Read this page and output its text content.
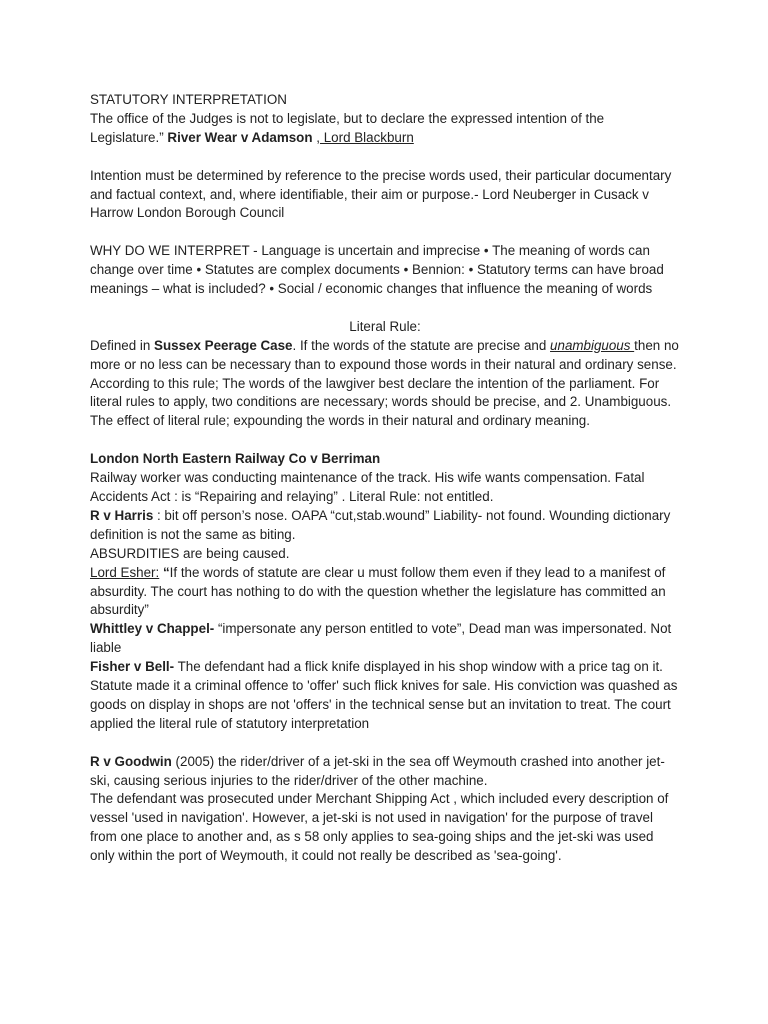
STATUTORY INTERPRETATION

The office of the Judges is not to legislate, but to declare the expressed intention of the Legislature.” River Wear v Adamson , Lord Blackburn

Intention must be determined by reference to the precise words used, their particular documentary and factual context, and, where identifiable, their aim or purpose.- Lord Neuberger in Cusack v Harrow London Borough Council

WHY DO WE INTERPRET - Language is uncertain and imprecise • The meaning of words can change over time • Statutes are complex documents • Bennion: • Statutory terms can have broad meanings – what is included? • Social / economic changes that influence the meaning of words

Literal Rule:

Defined in Sussex Peerage Case. If the words of the statute are precise and unambiguous then no more or no less can be necessary than to expound those words in their natural and ordinary sense. According to this rule; The words of the lawgiver best declare the intention of the parliament. For literal rules to apply, two conditions are necessary; words should be precise, and 2. Unambiguous. The effect of literal rule; expounding the words in their natural and ordinary meaning.

London North Eastern Railway Co v Berriman

Railway worker was conducting maintenance of the track. His wife wants compensation. Fatal Accidents Act : is “Repairing and relaying” . Literal Rule: not entitled.

R v Harris : bit off person’s nose. OAPA “cut,stab.wound” Liability- not found. Wounding dictionary definition is not the same as biting.

ABSURDITIES are being caused.

Lord Esher: “If the words of statute are clear u must follow them even if they lead to a manifest of absurdity. The court has nothing to do with the question whether the legislature has committed an absurdity”

Whittley v Chappel- “impersonate any person entitled to vote”, Dead man was impersonated. Not liable

Fisher v Bell- The defendant had a flick knife displayed in his shop window with a price tag on it. Statute made it a criminal offence to 'offer' such flick knives for sale. His conviction was quashed as goods on display in shops are not 'offers' in the technical sense but an invitation to treat. The court applied the literal rule of statutory interpretation

R v Goodwin (2005) the rider/driver of a jet-ski in the sea off Weymouth crashed into another jet-ski, causing serious injuries to the rider/driver of the other machine.

The defendant was prosecuted under Merchant Shipping Act , which included every description of vessel 'used in navigation'. However, a jet-ski is not used in navigation' for the purpose of travel from one place to another and, as s 58 only applies to sea-going ships and the jet-ski was used only within the port of Weymouth, it could not really be described as 'sea-going'.
